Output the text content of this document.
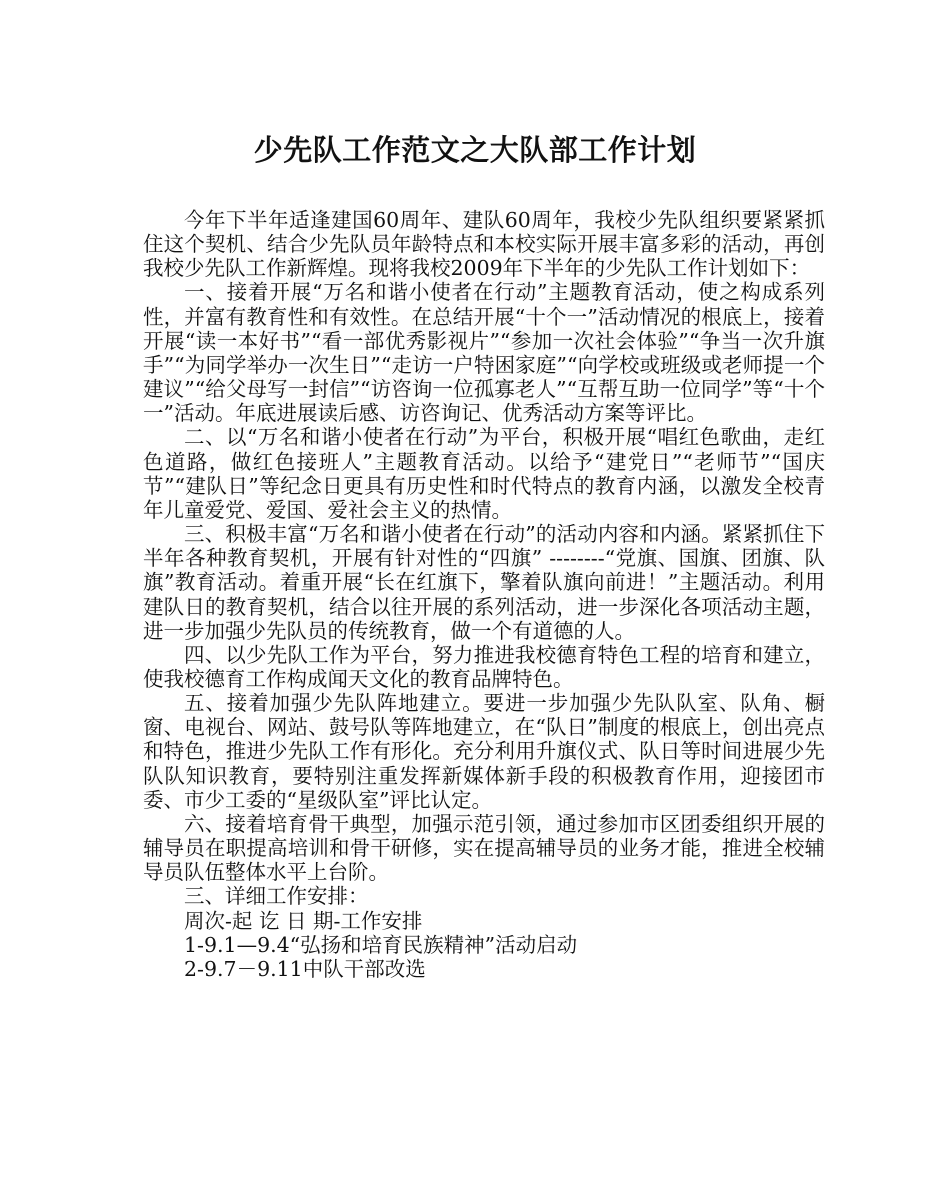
少先队工作范文之大队部工作计划

今年下半年适逢建国60周年、建队60周年，我校少先队组织要紧紧抓住这个契机、结合少先队员年龄特点和本校实际开展丰富多彩的活动，再创我校少先队工作新辉煌。现将我校2009年下半年的少先队工作计划如下：

一、接着开展“万名和谐小使者在行动”主题教育活动，使之构成系列性，并富有教育性和有效性。在总结开展“十个一”活动情况的根底上，接着开展“读一本好书”“看一部优秀影视片”“参加一次社会体验”“争当一次升旗手”“为同学举办一次生日”“走访一户特困家庭”“向学校或班级或老师提一个建议”“给父母写一封信”“访咨询一位孤寡老人”“互帮互助一位同学”等“十个一”活动。年底进展读后感、访咨询记、优秀活动方案等评比。

二、以“万名和谐小使者在行动”为平台，积极开展“唱红色歌曲，走红色道路，做红色接班人”主题教育活动。以给予“建党日”“老师节”“国庆节”“建队日”等纪念日更具有历史性和时代特点的教育内涵，以激发全校青年儿童爱党、爱国、爱社会主义的热情。

三、积极丰富“万名和谐小使者在行动”的活动内容和内涵。紧紧抓住下半年各种教育契机，开展有针对性的“四旗” --------“党旗、国旗、团旗、队旗”教育活动。着重开展“长在红旗下，擎着队旗向前进！”主题活动。利用建队日的教育契机，结合以往开展的系列活动，进一步深化各项活动主题，进一步加强少先队员的传统教育，做一个有道德的人。

四、以少先队工作为平台，努力推进我校德育特色工程的培育和建立，使我校德育工作构成闻天文化的教育品牌特色。

五、接着加强少先队阵地建立。要进一步加强少先队队室、队角、橱窗、电视台、网站、鼓号队等阵地建立，在“队日”制度的根底上，创出亮点和特色，推进少先队工作有形化。充分利用升旗仪式、队日等时间进展少先队队知识教育，要特别注重发挥新媒体新手段的积极教育作用，迎接团市委、市少工委的“星级队室”评比认定。

六、接着培育骨干典型，加强示范引领，通过参加市区团委组织开展的辅导员在职提高培训和骨干研修，实在提高辅导员的业务才能，推进全校辅导员队伍整体水平上台阶。

三、详细工作安排：

周次-起 讫 日 期-工作安排

1-9.1—9.4“弘扬和培育民族精神”活动启动

2-9.7－9.11中队干部改选
